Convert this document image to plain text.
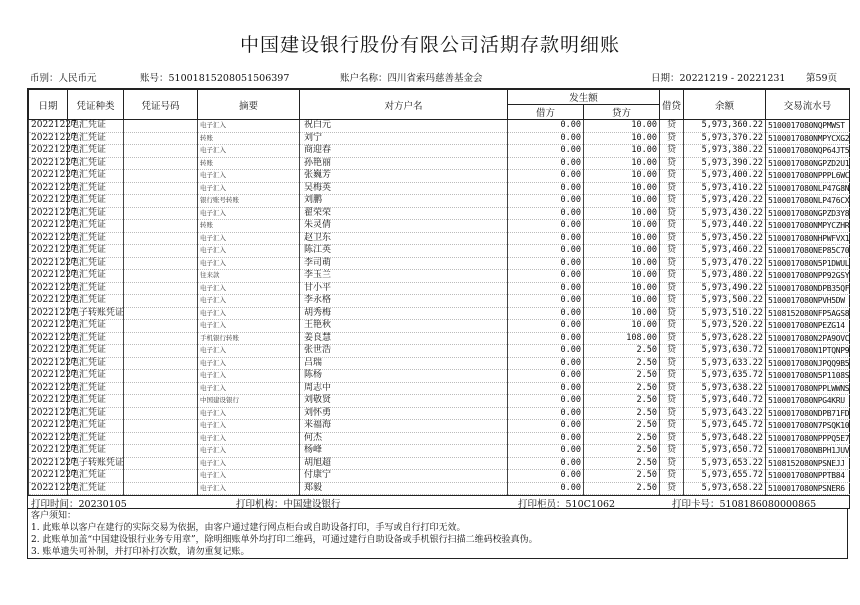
中国建设银行股份有限公司活期存款明细账
币别：人民币元	账号：51001815208051506397	账户名称：四川省索玛慈善基金会	日期：20221219 - 20221231 第59页
日期	凭证种类	凭证号码	摘要	对方户名	发生额		借贷	余额	交易流水号
					借方	贷方			
20221227	电汇凭证		电子汇入	祝白元	0.00	10.00	贷	5,973,360.22	5100017080NQPMWST
20221227	电汇凭证		转账	刘宁	0.00	10.00	贷	5,973,370.22	5100017080NMPYCXG2
20221227	电汇凭证		电子汇入	商迎春	0.00	10.00	贷	5,973,380.22	5100017080NQP64JT5
20221227	电汇凭证		转账	孙艳丽	0.00	10.00	贷	5,973,390.22	5100017080NGPZD2U1
20221227	电汇凭证		电子汇入	张巍芳	0.00	10.00	贷	5,973,400.22	5100017080NPPPL6WC
20221227	电汇凭证		电子汇入	吴梅英	0.00	10.00	贷	5,973,410.22	5100017080NLP47G8N
20221227	电汇凭证		银行账号转账	刘鹏	0.00	10.00	贷	5,973,420.22	5100017080NLP476CX
20221227	电汇凭证		电子汇入	翟荣荣	0.00	10.00	贷	5,973,430.22	5100017080NGPZD3Y8
20221227	电汇凭证		转账	朱灵倩	0.00	10.00	贷	5,973,440.22	5100017080NMPYCZHR
20221227	电汇凭证		电子汇入	赵卫东	0.00	10.00	贷	5,973,450.22	5100017080NHPWFVX1
20221227	电汇凭证		电子汇入	陈江英	0.00	10.00	贷	5,973,460.22	5100017080NEP85C70
20221227	电汇凭证		电子汇入	李司萌	0.00	10.00	贷	5,973,470.22	5100017080N5P1DWUL
20221227	电汇凭证		往来款	李玉兰	0.00	10.00	贷	5,973,480.22	5100017080NPP92GSY
20221227	电汇凭证		电子汇入	甘小平	0.00	10.00	贷	5,973,490.22	5100017080NDPB35QF
20221227	电汇凭证		电子汇入	李永格	0.00	10.00	贷	5,973,500.22	5100017080NPVH5DW
20221227	电子转账凭证		电子汇入	胡秀梅	0.00	10.00	贷	5,973,510.22	5108152080NFP5AGS8
20221227	电汇凭证		电子汇入	王艳秋	0.00	10.00	贷	5,973,520.22	5100017080NPEZG14
20221227	电汇凭证		手机银行转账	姜良慧	0.00	108.00	贷	5,973,628.22	5100017080N2PA9OVC
20221227	电汇凭证		电子汇入	张世浩	0.00	2.50	贷	5,973,630.72	5100017080N1PTQNP9
20221227	电汇凭证		电子汇入	吕瑞	0.00	2.50	贷	5,973,633.22	5100017080NJPQQ9B5
20221227	电汇凭证		电子汇入	陈杨	0.00	2.50	贷	5,973,635.72	5100017080N5P1108S
20221227	电汇凭证		电子汇入	周志中	0.00	2.50	贷	5,973,638.22	5100017080NPPLWWNS
20221227	电汇凭证		中国建设银行	刘敬贤	0.00	2.50	贷	5,973,640.72	5100017080NPG4KRU
20221227	电汇凭证		电子汇入	刘怀勇	0.00	2.50	贷	5,973,643.22	5100017080NDPB71FD
20221227	电汇凭证		电子汇入	来福海	0.00	2.50	贷	5,973,645.72	5100017080N7PSQK10
20221227	电汇凭证		电子汇入	何杰	0.00	2.50	贷	5,973,648.22	5100017080NPPPQ5E7
20221227	电汇凭证		电子汇入	杨峰	0.00	2.50	贷	5,973,650.72	5100017080NBPH1JUV
20221227	电子转账凭证		电子汇入	胡旭超	0.00	2.50	贷	5,973,653.22	5108152080NPSNEJJ
20221227	电汇凭证		电子汇入	付康宁	0.00	2.50	贷	5,973,655.72	5100017080NPPTB84
20221227	电汇凭证		电子汇入	郑毅	0.00	2.50	贷	5,973,658.22	5100017080NPSNER6
打印时间：20230105	打印机构：中国建设银行	打印柜员：510C1062	打印卡号：5108186080000865
客户须知：
1. 此账单以客户在建行的实际交易为依据，由客户通过建行网点柜台或自助设备打印，手写或自行打印无效。
2. 此账单加盖“中国建设银行业务专用章”，除明细账单外均打印二维码，可通过建行自助设备或手机银行扫描二维码校验真伪。
3. 账单遗失可补制，并打印补打次数，请勿重复记账。
